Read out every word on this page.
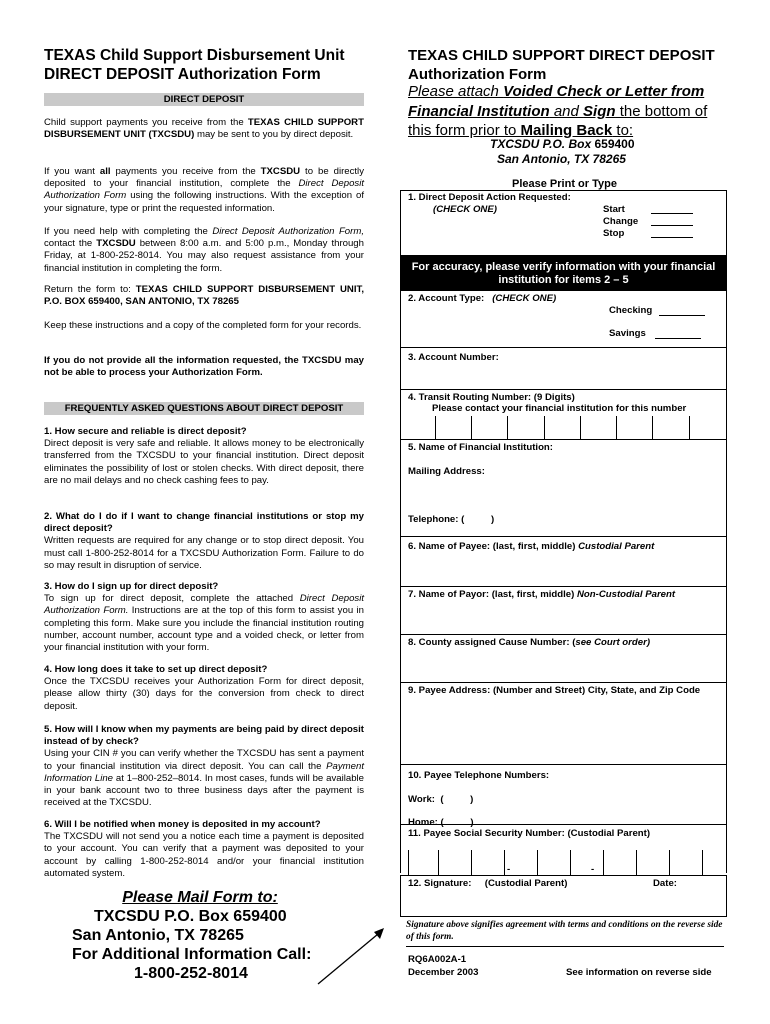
TEXAS Child Support Disbursement Unit
DIRECT DEPOSIT Authorization Form
DIRECT DEPOSIT
Child support payments you receive from the TEXAS CHILD SUPPORT DISBURSEMENT UNIT (TXCSDU) may be sent to you by direct deposit.
If you want all payments you receive from the TXCSDU to be directly deposited to your financial institution, complete the Direct Deposit Authorization Form using the following instructions. With the exception of your signature, type or print the requested information.
If you need help with completing the Direct Deposit Authorization Form, contact the TXCSDU between 8:00 a.m. and 5:00 p.m., Monday through Friday, at 1-800-252-8014. You may also request assistance from your financial institution in completing the form.
Return the form to: TEXAS CHILD SUPPORT DISBURSEMENT UNIT, P.O. BOX 659400, SAN ANTONIO, TX 78265
Keep these instructions and a copy of the completed form for your records.
If you do not provide all the information requested, the TXCSDU may not be able to process your Authorization Form.
FREQUENTLY ASKED QUESTIONS ABOUT DIRECT DEPOSIT
1. How secure and reliable is direct deposit?
Direct deposit is very safe and reliable. It allows money to be electronically transferred from the TXCSDU to your financial institution. Direct deposit eliminates the possibility of lost or stolen checks. With direct deposit, there are no mail delays and no check cashing fees to pay.
2. What do I do if I want to change financial institutions or stop my direct deposit?
Written requests are required for any change or to stop direct deposit. You must call 1-800-252-8014 for a TXCSDU Authorization Form. Failure to do so may result in disruption of service.
3. How do I sign up for direct deposit?
To sign up for direct deposit, complete the attached Direct Deposit Authorization Form. Instructions are at the top of this form to assist you in completing this form. Make sure you include the financial institution routing number, account number, account type and a voided check, or letter from your financial institution with your form.
4. How long does it take to set up direct deposit?
Once the TXCSDU receives your Authorization Form for direct deposit, please allow thirty (30) days for the conversion from check to direct deposit.
5. How will I know when my payments are being paid by direct deposit instead of by check?
Using your CIN # you can verify whether the TXCSDU has sent a payment to your financial institution via direct deposit. You can call the Payment Information Line at 1–800-252–8014. In most cases, funds will be available in your bank account two to three business days after the payment is received at the TXCSDU.
6. Will I be notified when money is deposited in my account?
The TXCSDU will not send you a notice each time a payment is deposited to your account. You can verify that a payment was deposited to your account by calling 1-800-252-8014 and/or your financial institution automated system.
Please Mail Form to:
TXCSDU P.O. Box 659400
San Antonio, TX 78265
For Additional Information Call:
1-800-252-8014
TEXAS CHILD SUPPORT DIRECT DEPOSIT
Authorization Form
Please attach Voided Check or Letter from Financial Institution and Sign the bottom of this form prior to Mailing Back to:
TXCSDU P.O. Box 659400
San Antonio, TX 78265
Please Print or Type
1. Direct Deposit Action Requested:
(CHECK ONE)	Start
Change
Stop
For accuracy, please verify information with your financial institution for items 2 – 5
2. Account Type: (CHECK ONE)
Checking
Savings
3. Account Number:
4. Transit Routing Number: (9 Digits)
Please contact your financial institution for this number
5. Name of Financial Institution:
Mailing Address:
Telephone: (          )
6. Name of Payee: (last, first, middle) Custodial Parent
7. Name of Payor: (last, first, middle) Non-Custodial Parent
8. County assigned Cause Number: (see Court order)
9. Payee Address: (Number and Street) City, State, and Zip Code
10. Payee Telephone Numbers:
Work:  (          )
Home: (          )
11. Payee Social Security Number: (Custodial Parent)
-	-
12. Signature:     (Custodial Parent)	Date:
Signature above signifies agreement with terms and conditions on the reverse side of this form.
RQ6A002A-1
December 2003	See information on reverse side
